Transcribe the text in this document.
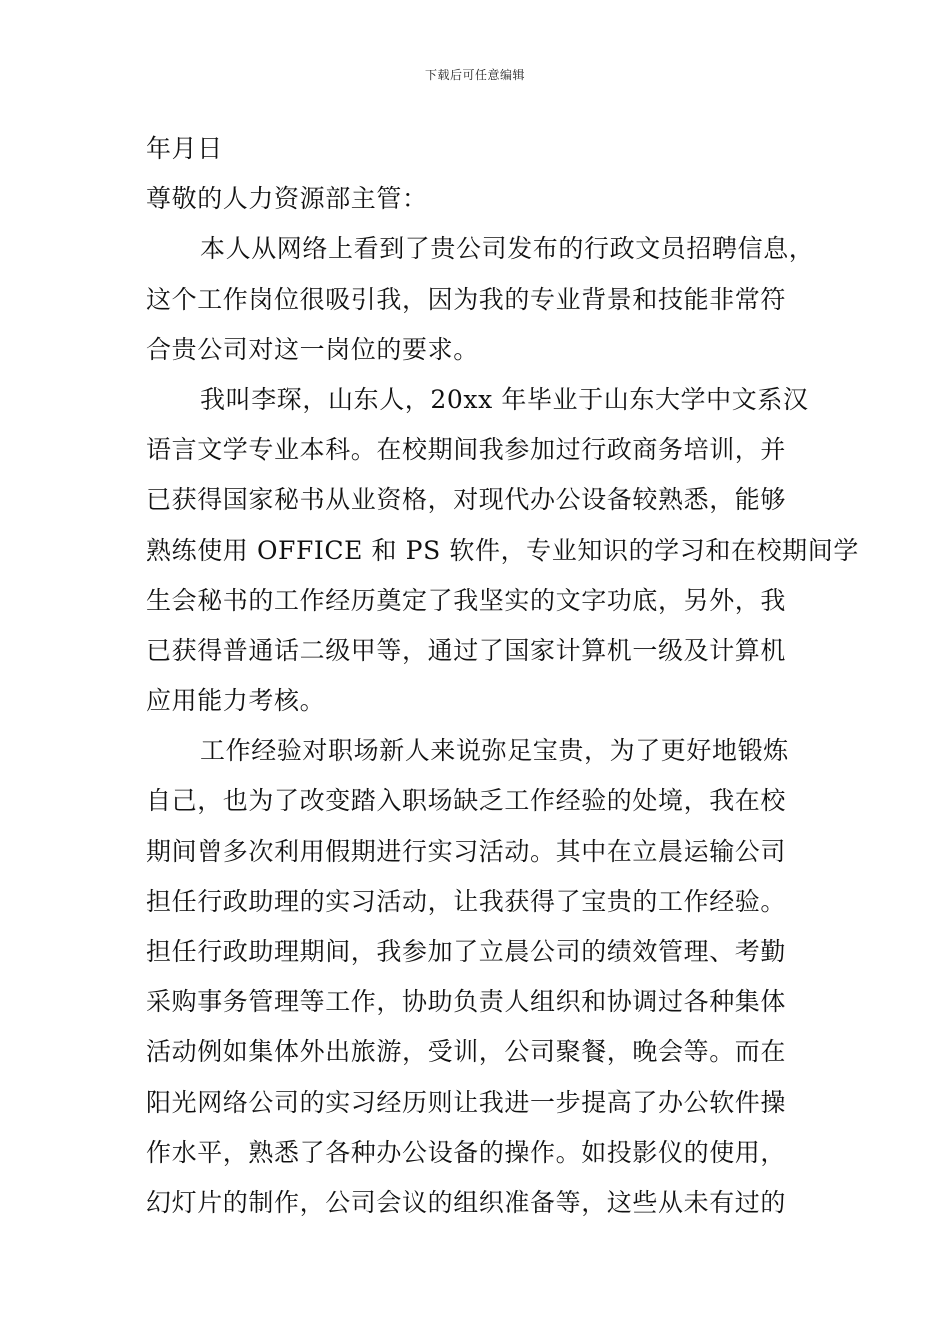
下载后可任意编辑
年月日
尊敬的人力资源部主管：
本人从网络上看到了贵公司发布的行政文员招聘信息，
这个工作岗位很吸引我，因为我的专业背景和技能非常符
合贵公司对这一岗位的要求。
我叫李琛，山东人，20xx 年毕业于山东大学中文系汉
语言文学专业本科。在校期间我参加过行政商务培训，并
已获得国家秘书从业资格，对现代办公设备较熟悉，能够
熟练使用 OFFICE 和 PS 软件，专业知识的学习和在校期间学
生会秘书的工作经历奠定了我坚实的文字功底，另外，我
已获得普通话二级甲等，通过了国家计算机一级及计算机
应用能力考核。
工作经验对职场新人来说弥足宝贵，为了更好地锻炼
自己，也为了改变踏入职场缺乏工作经验的处境，我在校
期间曾多次利用假期进行实习活动。其中在立晨运输公司
担任行政助理的实习活动，让我获得了宝贵的工作经验。
担任行政助理期间，我参加了立晨公司的绩效管理、考勤
采购事务管理等工作，协助负责人组织和协调过各种集体
活动例如集体外出旅游，受训，公司聚餐，晚会等。而在
阳光网络公司的实习经历则让我进一步提高了办公软件操
作水平，熟悉了各种办公设备的操作。如投影仪的使用，
幻灯片的制作，公司会议的组织准备等，这些从未有过的
